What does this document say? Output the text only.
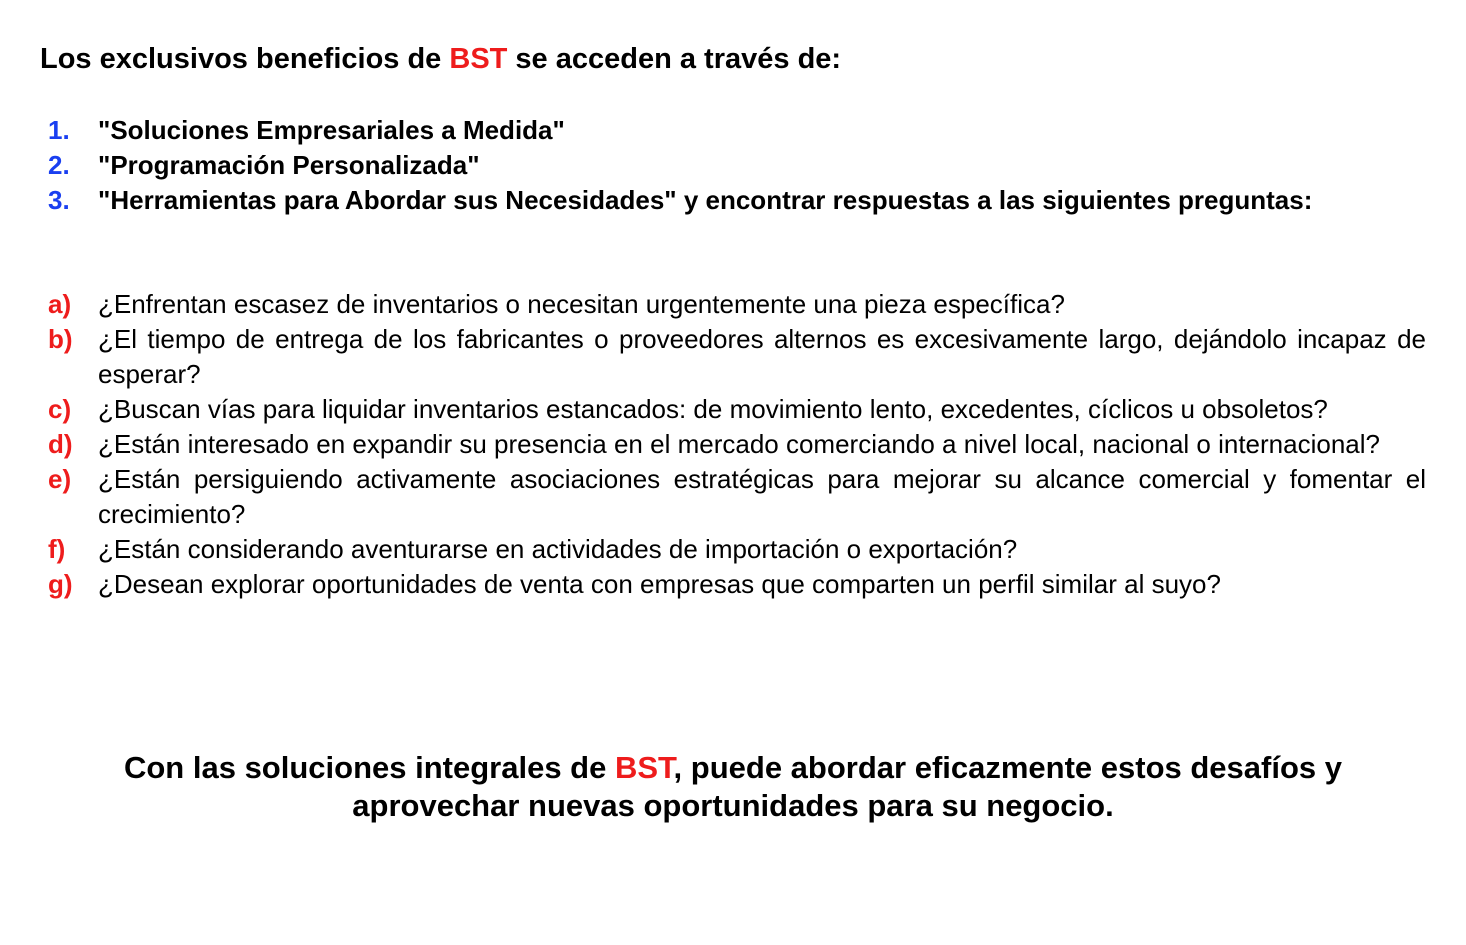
Los exclusivos beneficios de BST se acceden a través de:
1.	"Soluciones Empresariales a Medida"
2.	"Programación Personalizada"
3.	"Herramientas para Abordar sus Necesidades" y encontrar respuestas a las siguientes preguntas:
a)	¿Enfrentan escasez de inventarios o necesitan urgentemente una pieza específica?
b) ¿El tiempo de entrega de los fabricantes o proveedores alternos es excesivamente largo, dejándolo incapaz de esperar?
c)	¿Buscan vías para liquidar inventarios estancados: de movimiento lento, excedentes, cíclicos u obsoletos?
d) ¿Están interesado en expandir su presencia en el mercado comerciando a nivel local, nacional o internacional?
e)	¿Están persiguiendo activamente asociaciones estratégicas para mejorar su alcance comercial y fomentar el crecimiento?
f)	¿Están considerando aventurarse en actividades de importación o exportación?
g) ¿Desean explorar oportunidades de venta con empresas que comparten un perfil similar al suyo?
Con las soluciones integrales de BST, puede abordar eficazmente estos desafíos y
aprovechar nuevas oportunidades para su negocio.
